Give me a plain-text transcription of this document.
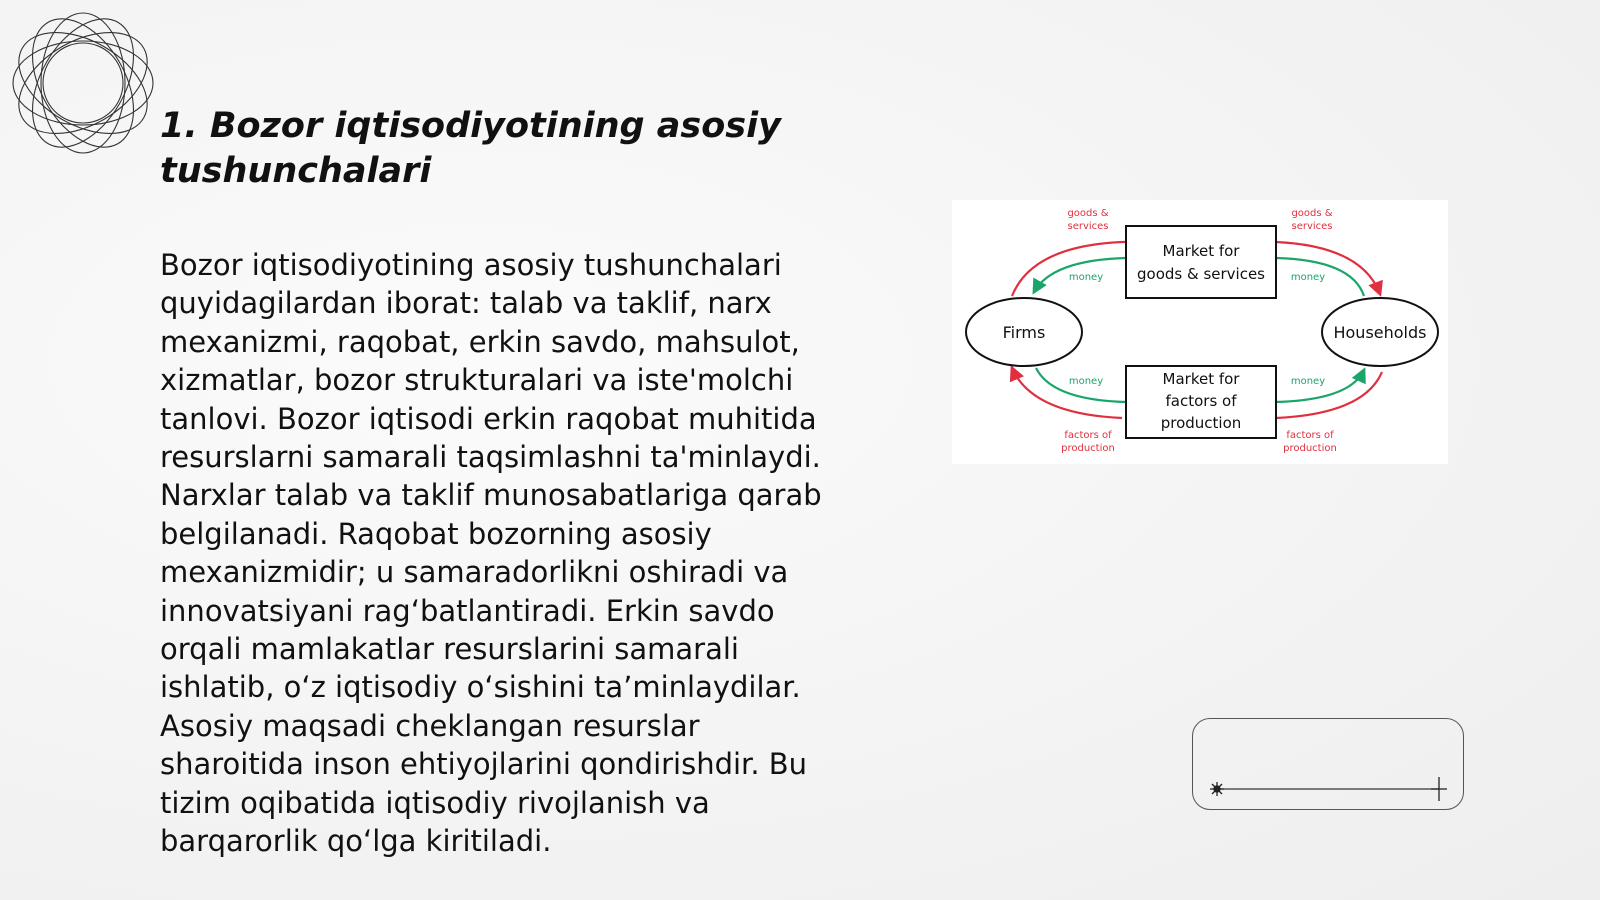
1. Bozor iqtisodiyotining asosiy tushunchalari

Bozor iqtisodiyotining asosiy tushunchalari quyidagilardan iborat: talab va taklif, narx mexanizmi, raqobat, erkin savdo, mahsulot, xizmatlar, bozor strukturalari va iste'molchi tanlovi. Bozor iqtisodi erkin raqobat muhitida resurslarni samarali taqsimlashni ta'minlaydi. Narxlar talab va taklif munosabatlariga qarab belgilanadi. Raqobat bozorning asosiy mexanizmidir; u samaradorlikni oshiradi va innovatsiyani rag‘batlantiradi. Erkin savdo orqali mamlakatlar resurslarini samarali ishlatib, o‘z iqtisodiy o‘sishini ta’minlaydilar. Asosiy maqsadi cheklangan resurslar sharoitida inson ehtiyojlarini qondirishdir. Bu tizim oqibatida iqtisodiy rivojlanish va barqarorlik qo‘lga kiritiladi.

Firms	Households
Market for
goods & services
Market for
factors of
production
goods &
services
goods &
services
money	money
money	money
factors of
production
factors of
production
